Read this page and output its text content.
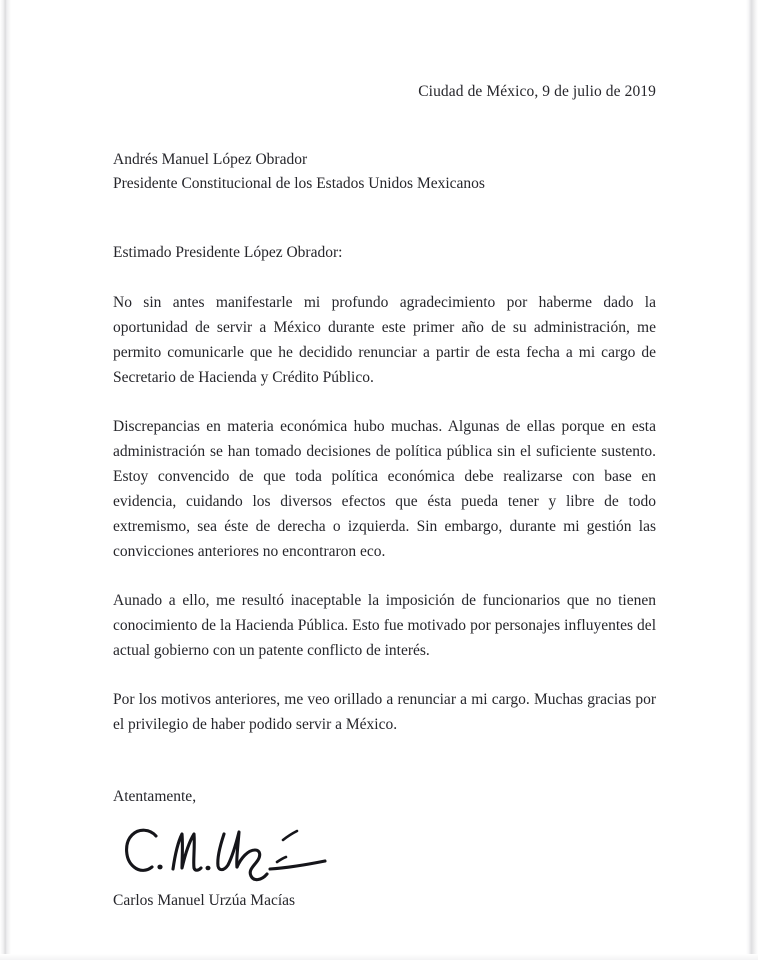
Ciudad de México, 9 de julio de 2019
Andrés Manuel López Obrador
Presidente Constitucional de los Estados Unidos Mexicanos
Estimado Presidente López Obrador:

No sin antes manifestarle mi profundo agradecimiento por haberme dado la oportunidad de servir a México durante este primer año de su administración, me permito comunicarle que he decidido renunciar a partir de esta fecha a mi cargo de Secretario de Hacienda y Crédito Público.

Discrepancias en materia económica hubo muchas. Algunas de ellas porque en esta administración se han tomado decisiones de política pública sin el suficiente sustento. Estoy convencido de que toda política económica debe realizarse con base en evidencia, cuidando los diversos efectos que ésta pueda tener y libre de todo extremismo, sea éste de derecha o izquierda. Sin embargo, durante mi gestión las convicciones anteriores no encontraron eco.

Aunado a ello, me resultó inaceptable la imposición de funcionarios que no tienen conocimiento de la Hacienda Pública. Esto fue motivado por personajes influyentes del actual gobierno con un patente conflicto de interés.

Por los motivos anteriores, me veo orillado a renunciar a mi cargo. Muchas gracias por el privilegio de haber podido servir a México.

Atentamente,
Carlos Manuel Urzúa Macías
